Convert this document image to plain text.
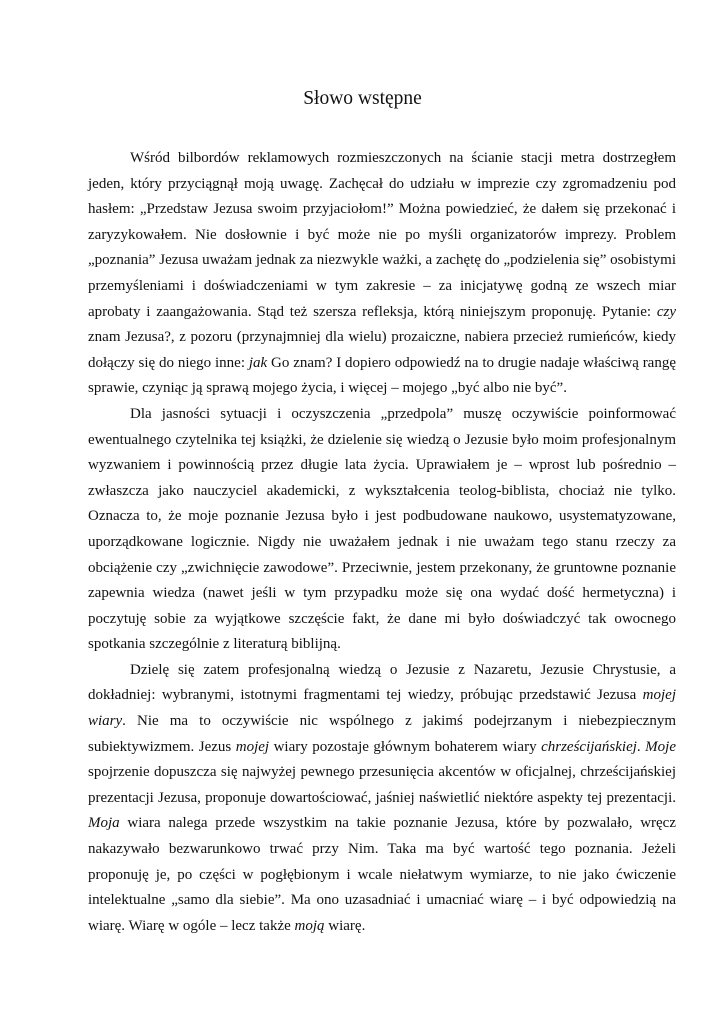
Słowo wstępne

Wśród bilbordów reklamowych rozmieszczonych na ścianie stacji metra dostrzegłem jeden, który przyciągnął moją uwagę. Zachęcał do udziału w imprezie czy zgromadzeniu pod hasłem: „Przedstaw Jezusa swoim przyjaciołom!” Można powiedzieć, że dałem się przekonać i zaryzykowałem. Nie dosłownie i być może nie po myśli organizatorów imprezy. Problem „poznania” Jezusa uważam jednak za niezwykle ważki, a zachętę do „podzielenia się” osobistymi przemyśleniami i doświadczeniami w tym zakresie – za inicjatywę godną ze wszech miar aprobaty i zaangażowania. Stąd też szersza refleksja, którą niniejszym proponuję. Pytanie: czy znam Jezusa?, z pozoru (przynajmniej dla wielu) prozaiczne, nabiera przecież rumieńców, kiedy dołączy się do niego inne: jak Go znam? I dopiero odpowiedź na to drugie nadaje właściwą rangę sprawie, czyniąc ją sprawą mojego życia, i więcej – mojego „być albo nie być”.

Dla jasności sytuacji i oczyszczenia „przedpola” muszę oczywiście poinformować ewentualnego czytelnika tej książki, że dzielenie się wiedzą o Jezusie było moim profesjonalnym wyzwaniem i powinnością przez długie lata życia. Uprawiałem je – wprost lub pośrednio – zwłaszcza jako nauczyciel akademicki, z wykształcenia teolog-biblista, chociaż nie tylko. Oznacza to, że moje poznanie Jezusa było i jest podbudowane naukowo, usystematyzowane, uporządkowane logicznie. Nigdy nie uważałem jednak i nie uważam tego stanu rzeczy za obciążenie czy „zwichnięcie zawodowe”. Przeciwnie, jestem przekonany, że gruntowne poznanie zapewnia wiedza (nawet jeśli w tym przypadku może się ona wydać dość hermetyczna) i poczytuję sobie za wyjątkowe szczęście fakt, że dane mi było doświadczyć tak owocnego spotkania szczególnie z literaturą biblijną.

Dzielę się zatem profesjonalną wiedzą o Jezusie z Nazaretu, Jezusie Chrystusie, a dokładniej: wybranymi, istotnymi fragmentami tej wiedzy, próbując przedstawić Jezusa mojej wiary. Nie ma to oczywiście nic wspólnego z jakimś podejrzanym i niebezpiecznym subiektywizmem. Jezus mojej wiary pozostaje głównym bohaterem wiary chrześcijańskiej. Moje spojrzenie dopuszcza się najwyżej pewnego przesunięcia akcentów w oficjalnej, chrześcijańskiej prezentacji Jezusa, proponuje dowartościować, jaśniej naświetlić niektóre aspekty tej prezentacji. Moja wiara nalega przede wszystkim na takie poznanie Jezusa, które by pozwalało, wręcz nakazywało bezwarunkowo trwać przy Nim. Taka ma być wartość tego poznania. Jeżeli proponuję je, po części w pogłębionym i wcale niełatwym wymiarze, to nie jako ćwiczenie intelektualne „samo dla siebie”. Ma ono uzasadniać i umacniać wiarę – i być odpowiedzią na wiarę. Wiarę w ogóle – lecz także moją wiarę.
